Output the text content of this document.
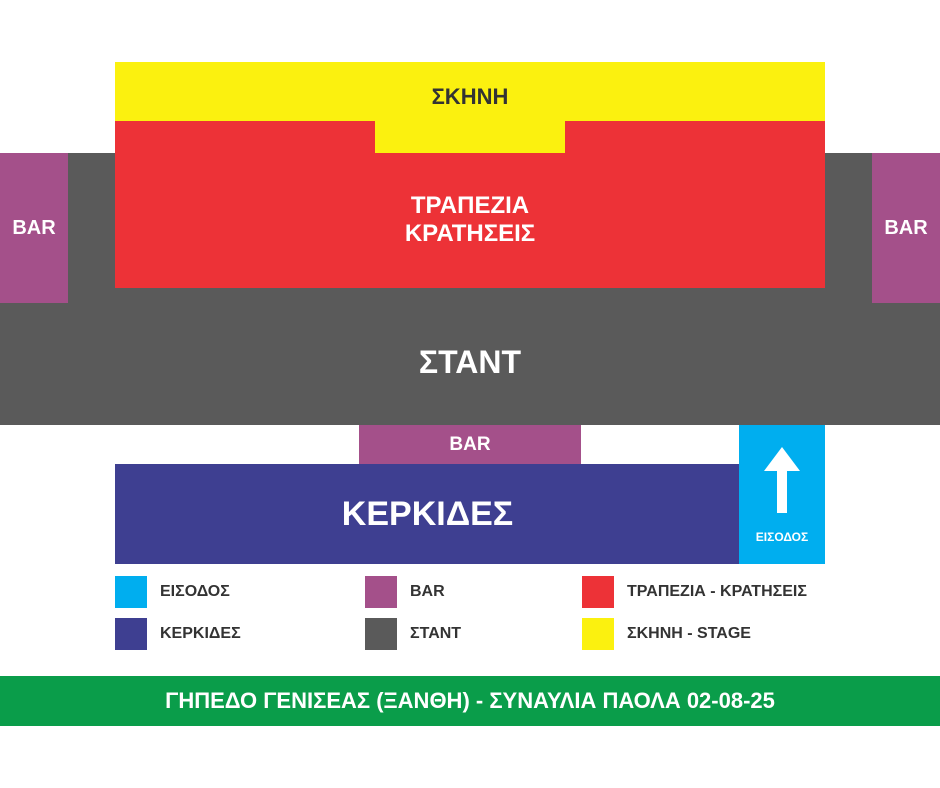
ΣΤΑΝΤ
BAR	BAR
ΣΚΗΝΗ
ΤΡΑΠΕΖΙΑ
ΚΡΑΤΗΣΕΙΣ
BAR
ΚΕΡΚΙΔΕΣ
ΕΙΣΟΔΟΣ
ΕΙΣΟΔΟΣ	BAR	ΤΡΑΠΕΖΙΑ - ΚΡΑΤΗΣΕΙΣ
ΚΕΡΚΙΔΕΣ	ΣΤΑΝΤ	ΣΚΗΝΗ - STAGE
ΓΗΠΕΔΟ ΓΕΝΙΣΕΑΣ (ΞΑΝΘΗ) - ΣΥΝΑΥΛΙΑ ΠΑΟΛΑ 02-08-25
